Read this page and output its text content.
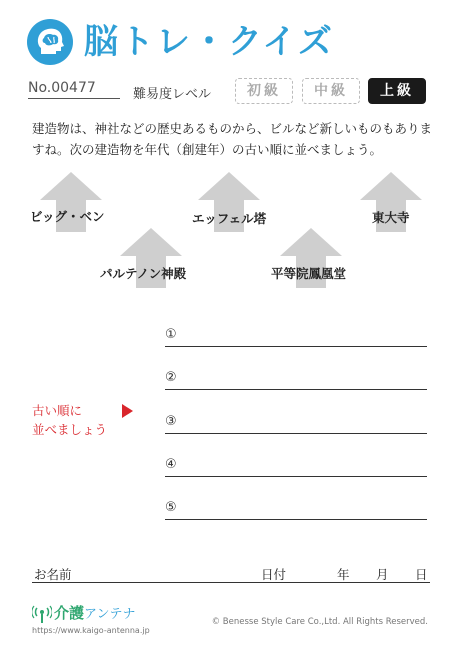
脳トレ・クイズ
No.00477	難易度レベル	初級	中級	上級
建造物は、神社などの歴史あるものから、ビルなど新しいものもありますね。次の建造物を年代（創建年）の古い順に並べましょう。
ビッグ・ベン	エッフェル塔	東大寺
パルテノン神殿	平等院鳳凰堂
①
②
③
④
⑤
古い順に
並べましょう
お名前	日付	年 月 日
介護アンテナ
https://www.kaigo-antenna.jp
© Benesse Style Care Co.,Ltd. All Rights Reserved.
